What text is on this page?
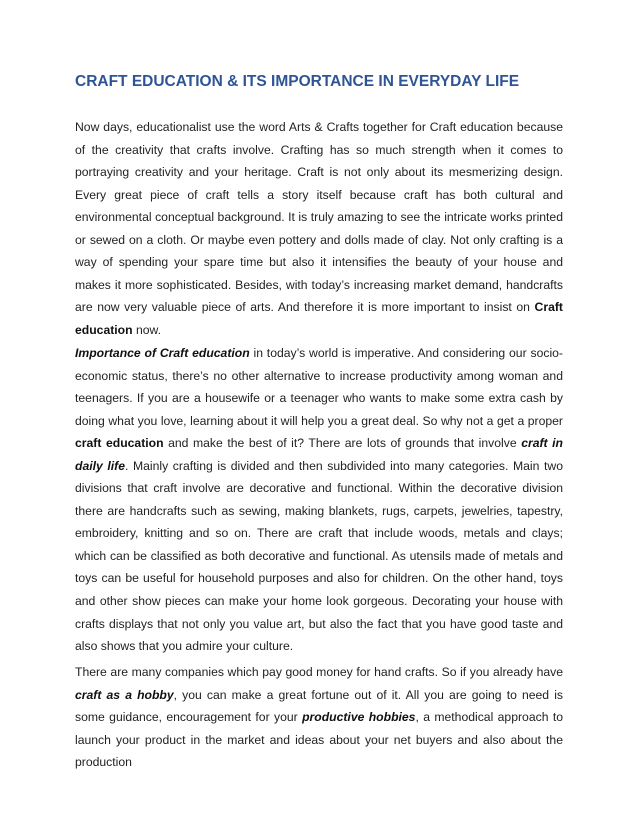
CRAFT EDUCATION & ITS IMPORTANCE IN EVERYDAY LIFE

Now days, educationalist use the word Arts & Crafts together for Craft education because of the creativity that crafts involve. Crafting has so much strength when it comes to portraying creativity and your heritage. Craft is not only about its mesmerizing design. Every great piece of craft tells a story itself because craft has both cultural and environmental conceptual background. It is truly amazing to see the intricate works printed or sewed on a cloth. Or maybe even pottery and dolls made of clay. Not only crafting is a way of spending your spare time but also it intensifies the beauty of your house and makes it more sophisticated. Besides, with today’s increasing market demand, handcrafts are now very valuable piece of arts. And therefore it is more important to insist on Craft education now.

Importance of Craft education in today’s world is imperative. And considering our socio-economic status, there’s no other alternative to increase productivity among woman and teenagers. If you are a housewife or a teenager who wants to make some extra cash by doing what you love, learning about it will help you a great deal. So why not a get a proper craft education and make the best of it? There are lots of grounds that involve craft in daily life. Mainly crafting is divided and then subdivided into many categories. Main two divisions that craft involve are decorative and functional. Within the decorative division there are handcrafts such as sewing, making blankets, rugs, carpets, jewelries, tapestry, embroidery, knitting and so on. There are craft that include woods, metals and clays; which can be classified as both decorative and functional. As utensils made of metals and toys can be useful for household purposes and also for children. On the other hand, toys and other show pieces can make your home look gorgeous. Decorating your house with crafts displays that not only you value art, but also the fact that you have good taste and also shows that you admire your culture.

There are many companies which pay good money for hand crafts. So if you already have craft as a hobby, you can make a great fortune out of it. All you are going to need is some guidance, encouragement for your productive hobbies, a methodical approach to launch your product in the market and ideas about your net buyers and also about the production
